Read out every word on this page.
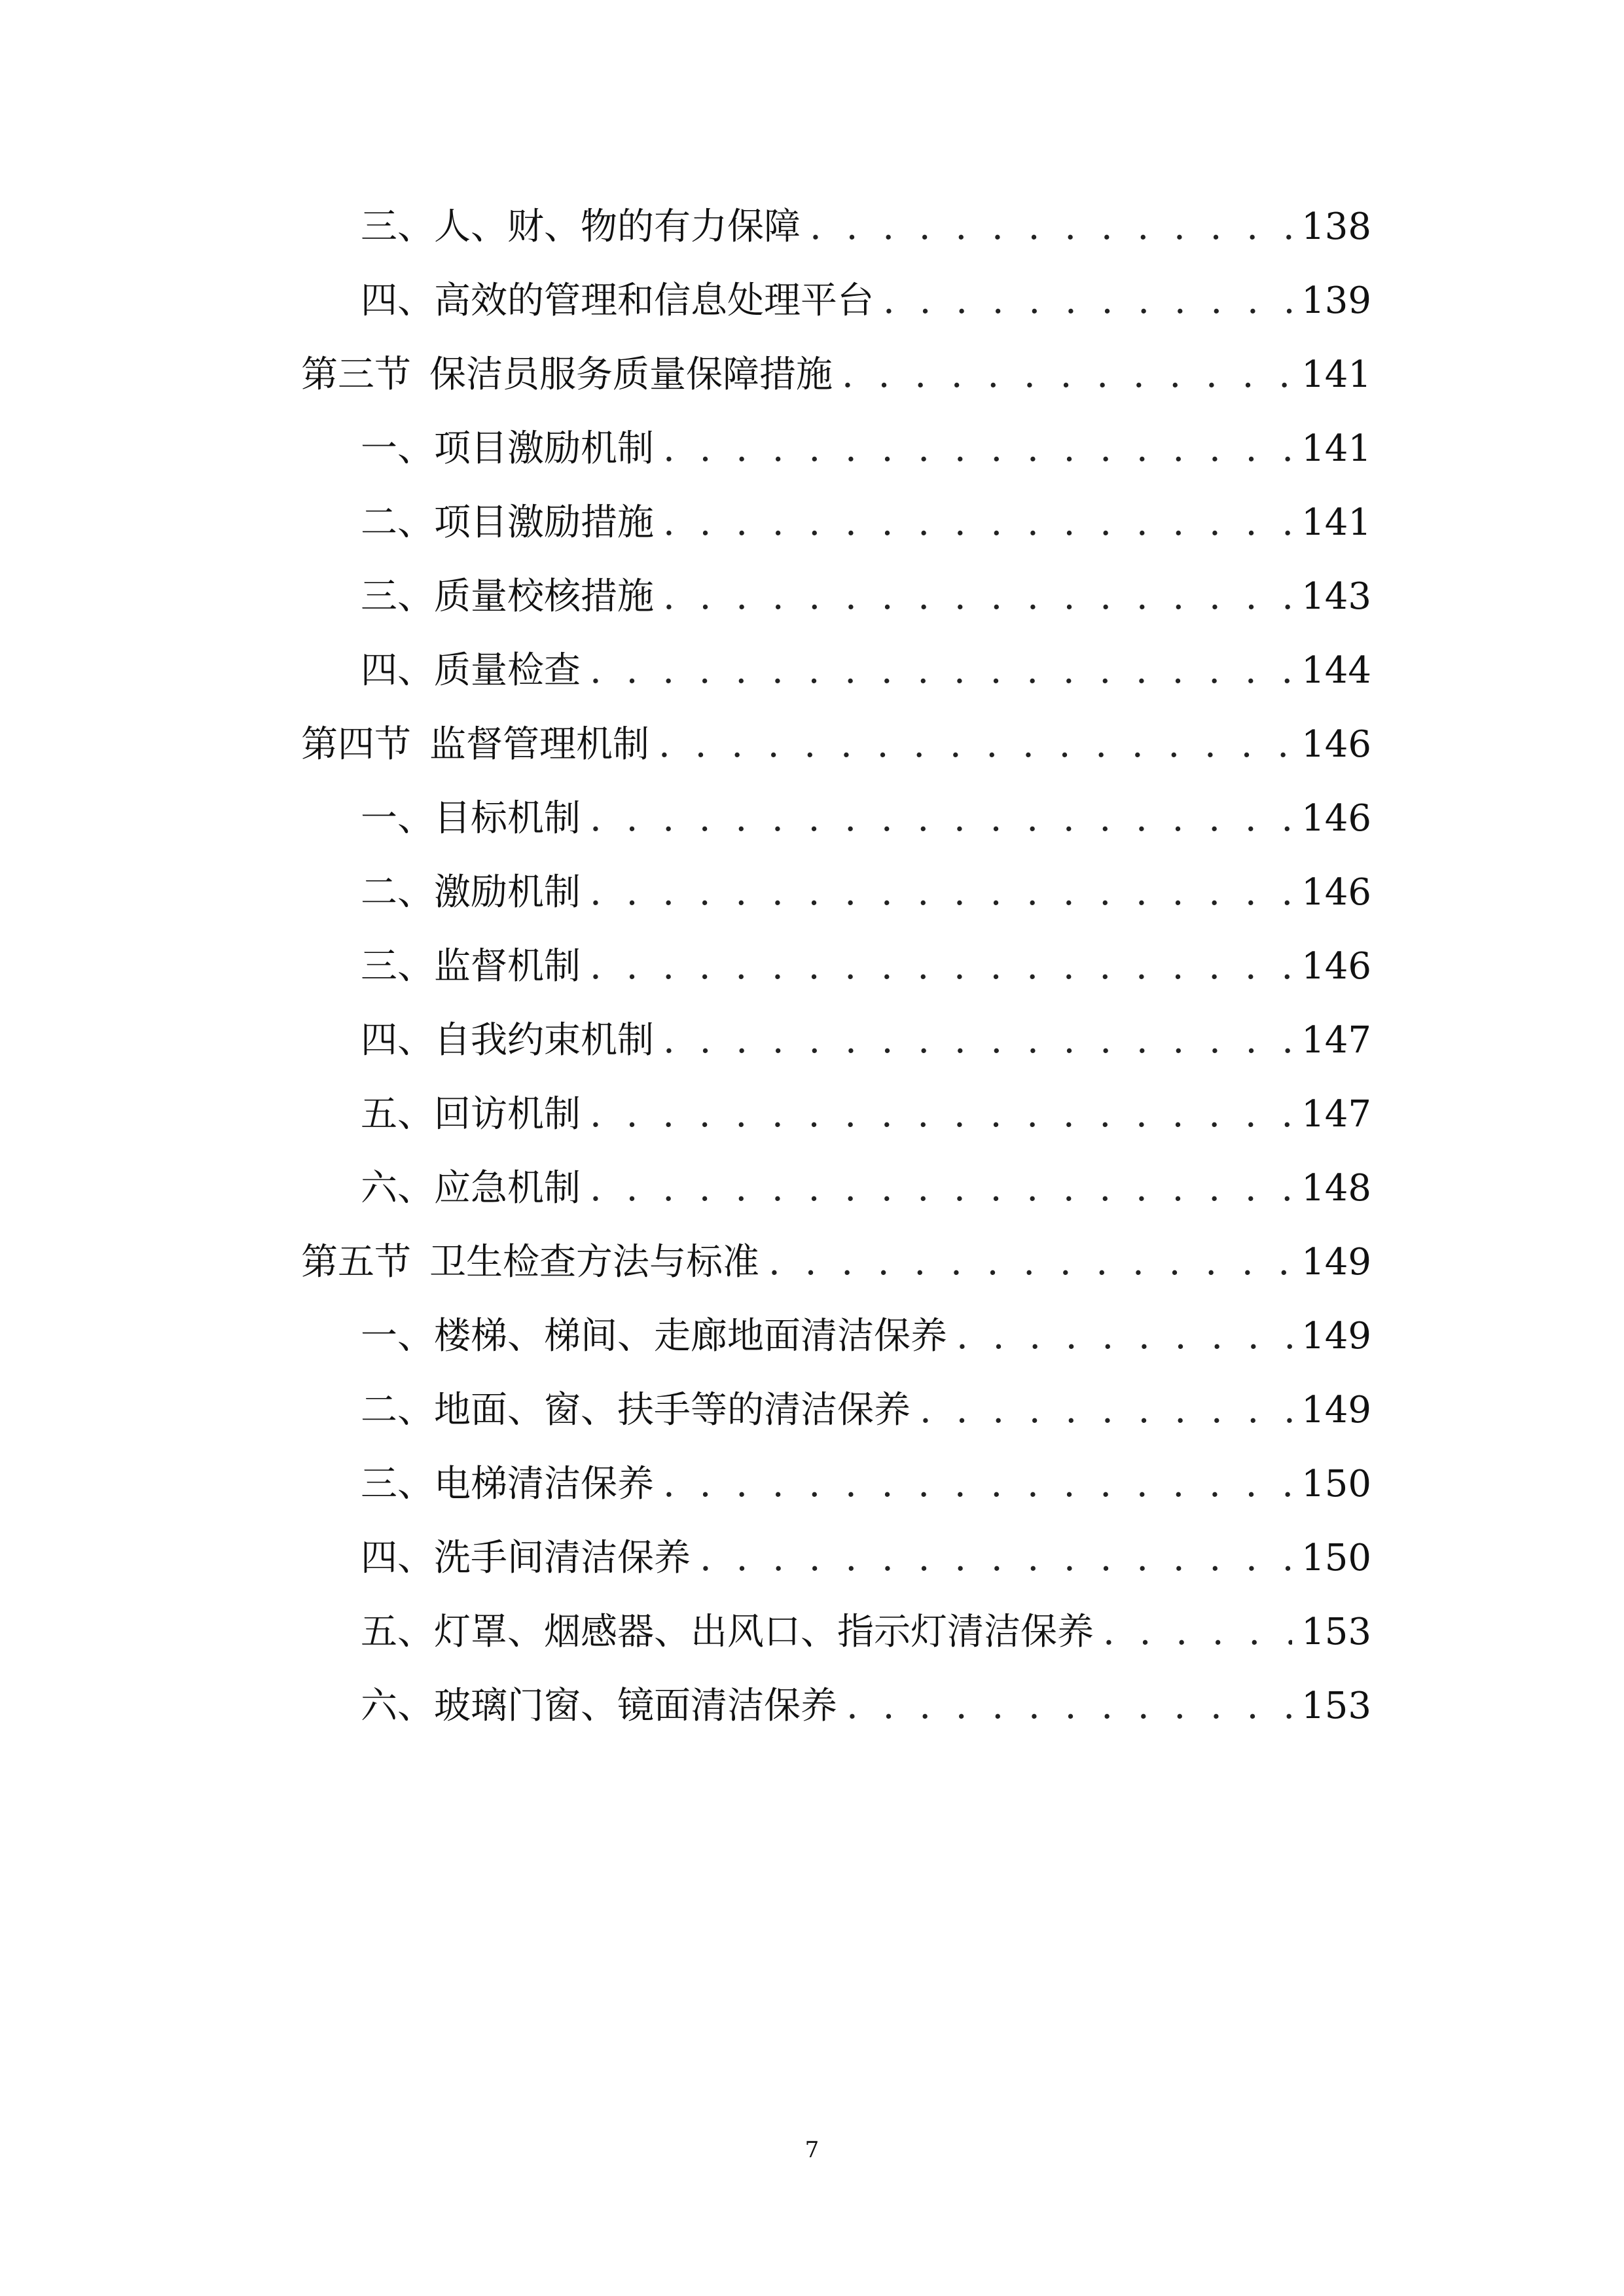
三、 人、财、物的有力保障 . . .	138
四、 高效的管理和信息处理平台 . . .	139
第三节 保洁员服务质量保障措施 . . .	141
一、 项目激励机制 . . .	141
二、 项目激励措施 . . .	141
三、 质量校核措施 . . .	143
四、 质量检查 . . .	144
第四节 监督管理机制 . . .	146
一、 目标机制 . . .	146
二、 激励机制 . . .	146
三、 监督机制 . . .	146
四、 自我约束机制 . . .	147
五、 回访机制 . . .	147
六、 应急机制 . . .	148
第五节 卫生检查方法与标准 . . .	149
一、 楼梯、梯间、走廊地面清洁保养 . . .	149
二、 地面、窗、扶手等的清洁保养 . . .	149
三、 电梯清洁保养 . . .	150
四、 洗手间清洁保养 . . .	150
五、 灯罩、烟感器、出风口、指示灯清洁保养 . . .	153
六、 玻璃门窗、镜面清洁保养 . . .	153
7
